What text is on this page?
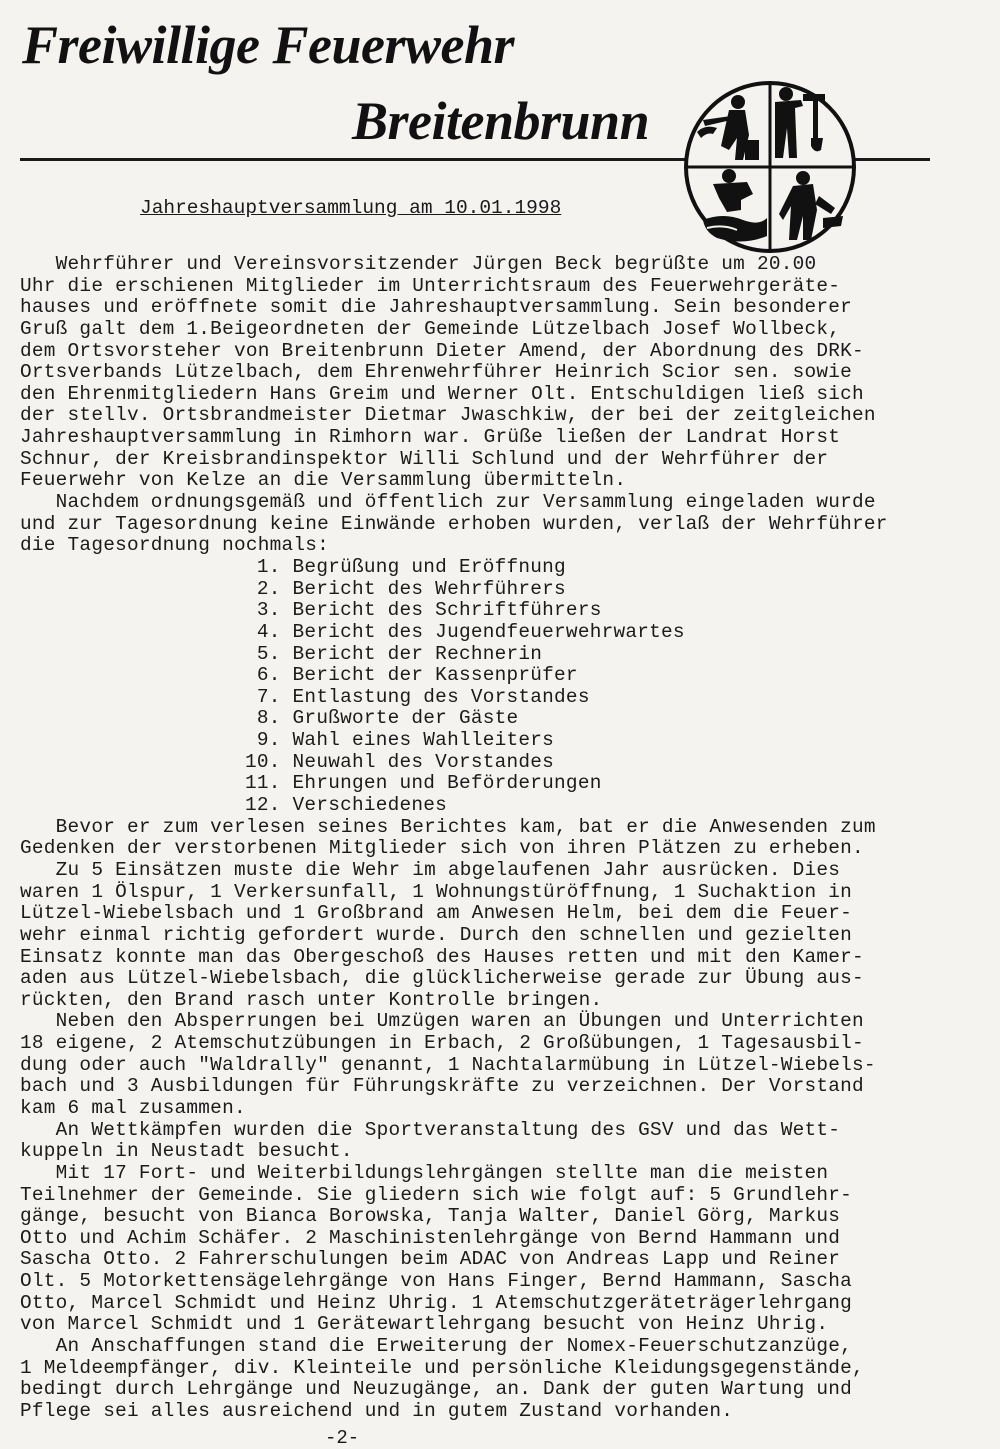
Freiwillige Feuerwehr
Breitenbrunn

Jahreshauptversammlung am 10.01.1998

Wehrführer und Vereinsvorsitzender Jürgen Beck begrüßte um 20.00
Uhr die erschienen Mitglieder im Unterrichtsraum des Feuerwehrgeräte-
hauses und eröffnete somit die Jahreshauptversammlung. Sein besonderer
Gruß galt dem 1.Beigeordneten der Gemeinde Lützelbach Josef Wollbeck,
dem Ortsvorsteher von Breitenbrunn Dieter Amend, der Abordnung des DRK-
Ortsverbands Lützelbach, dem Ehrenwehrführer Heinrich Scior sen. sowie
den Ehrenmitgliedern Hans Greim und Werner Olt. Entschuldigen ließ sich
der stellv. Ortsbrandmeister Dietmar Jwaschkiw, der bei der zeitgleichen
Jahreshauptversammlung in Rimhorn war. Grüße ließen der Landrat Horst
Schnur, der Kreisbrandinspektor Willi Schlund und der Wehrführer der
Feuerwehr von Kelze an die Versammlung übermitteln.
Nachdem ordnungsgemäß und öffentlich zur Versammlung eingeladen wurde
und zur Tagesordnung keine Einwände erhoben wurden, verlaß der Wehrführer
die Tagesordnung nochmals:
1. Begrüßung und Eröffnung
2. Bericht des Wehrführers
3. Bericht des Schriftführers
4. Bericht des Jugendfeuerwehrwartes
5. Bericht der Rechnerin
6. Bericht der Kassenprüfer
7. Entlastung des Vorstandes
8. Grußworte der Gäste
9. Wahl eines Wahlleiters
10. Neuwahl des Vorstandes
11. Ehrungen und Beförderungen
12. Verschiedenes
Bevor er zum verlesen seines Berichtes kam, bat er die Anwesenden zum
Gedenken der verstorbenen Mitglieder sich von ihren Plätzen zu erheben.
Zu 5 Einsätzen muste die Wehr im abgelaufenen Jahr ausrücken. Dies
waren 1 Ölspur, 1 Verkersunfall, 1 Wohnungstüröffnung, 1 Suchaktion in
Lützel-Wiebelsbach und 1 Großbrand am Anwesen Helm, bei dem die Feuer-
wehr einmal richtig gefordert wurde. Durch den schnellen und gezielten
Einsatz konnte man das Obergeschoß des Hauses retten und mit den Kamer-
aden aus Lützel-Wiebelsbach, die glücklicherweise gerade zur Übung aus-
rückten, den Brand rasch unter Kontrolle bringen.
Neben den Absperrungen bei Umzügen waren an Übungen und Unterrichten
18 eigene, 2 Atemschutzübungen in Erbach, 2 Großübungen, 1 Tagesausbil-
dung oder auch "Waldrally" genannt, 1 Nachtalarmübung in Lützel-Wiebels-
bach und 3 Ausbildungen für Führungskräfte zu verzeichnen. Der Vorstand
kam 6 mal zusammen.
An Wettkämpfen wurden die Sportveranstaltung des GSV und das Wett-
kuppeln in Neustadt besucht.
Mit 17 Fort- und Weiterbildungslehrgängen stellte man die meisten
Teilnehmer der Gemeinde. Sie gliedern sich wie folgt auf: 5 Grundlehr-
gänge, besucht von Bianca Borowska, Tanja Walter, Daniel Görg, Markus
Otto und Achim Schäfer. 2 Maschinistenlehrgänge von Bernd Hammann und
Sascha Otto. 2 Fahrerschulungen beim ADAC von Andreas Lapp und Reiner
Olt. 5 Motorkettensägelehrgänge von Hans Finger, Bernd Hammann, Sascha
Otto, Marcel Schmidt und Heinz Uhrig. 1 Atemschutzgeräteträgerlehrgang
von Marcel Schmidt und 1 Gerätewartlehrgang besucht von Heinz Uhrig.
An Anschaffungen stand die Erweiterung der Nomex-Feuerschutzanzüge,
1 Meldeempfänger, div. Kleinteile und persönliche Kleidungsgegenstände,
bedingt durch Lehrgänge und Neuzugänge, an. Dank der guten Wartung und
Pflege sei alles ausreichend und in gutem Zustand vorhanden.

-2-
